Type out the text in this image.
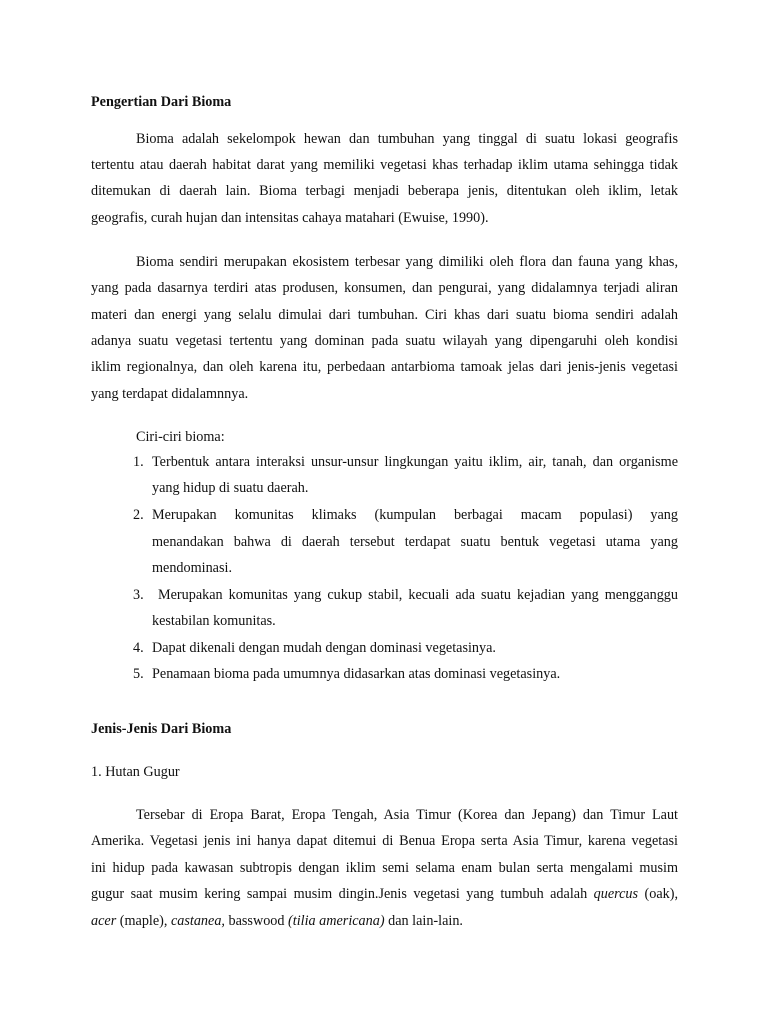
Pengertian Dari Bioma
Bioma adalah sekelompok hewan dan tumbuhan yang tinggal di suatu lokasi geografis
tertentu atau daerah habitat darat yang memiliki vegetasi khas terhadap iklim utama sehingga tidak
ditemukan di daerah lain. Bioma terbagi menjadi beberapa jenis, ditentukan oleh iklim, letak
geografis, curah hujan dan intensitas cahaya matahari (Ewuise, 1990).
Bioma sendiri merupakan ekosistem terbesar yang dimiliki oleh flora dan fauna yang khas,
yang pada dasarnya terdiri atas produsen, konsumen, dan pengurai, yang didalamnya terjadi aliran
materi dan energi yang selalu dimulai dari tumbuhan. Ciri khas dari suatu bioma sendiri adalah
adanya suatu vegetasi tertentu yang dominan pada suatu wilayah yang dipengaruhi oleh kondisi
iklim regionalnya, dan oleh karena itu, perbedaan antarbioma tamoak jelas dari jenis-jenis vegetasi
yang terdapat didalamnnya.
Ciri-ciri bioma:
1. Terbentuk antara interaksi unsur-unsur lingkungan yaitu iklim, air, tanah, dan organisme
yang hidup di suatu daerah.
2. Merupakan komunitas klimaks (kumpulan berbagai macam populasi) yang
menandakan bahwa di daerah tersebut terdapat suatu bentuk vegetasi utama yang
mendominasi.
3. Merupakan komunitas yang cukup stabil, kecuali ada suatu kejadian yang mengganggu
kestabilan komunitas.
4. Dapat dikenali dengan mudah dengan dominasi vegetasinya.
5. Penamaan bioma pada umumnya didasarkan atas dominasi vegetasinya.
Jenis-Jenis Dari Bioma
1. Hutan Gugur
Tersebar di Eropa Barat, Eropa Tengah, Asia Timur (Korea dan Jepang) dan Timur Laut
Amerika. Vegetasi jenis ini hanya dapat ditemui di Benua Eropa serta Asia Timur, karena vegetasi
ini hidup pada kawasan subtropis dengan iklim semi selama enam bulan serta mengalami musim
gugur saat musim kering sampai musim dingin.Jenis vegetasi yang tumbuh adalah quercus (oak),
acer (maple), castanea, basswood (tilia americana) dan lain-lain.
